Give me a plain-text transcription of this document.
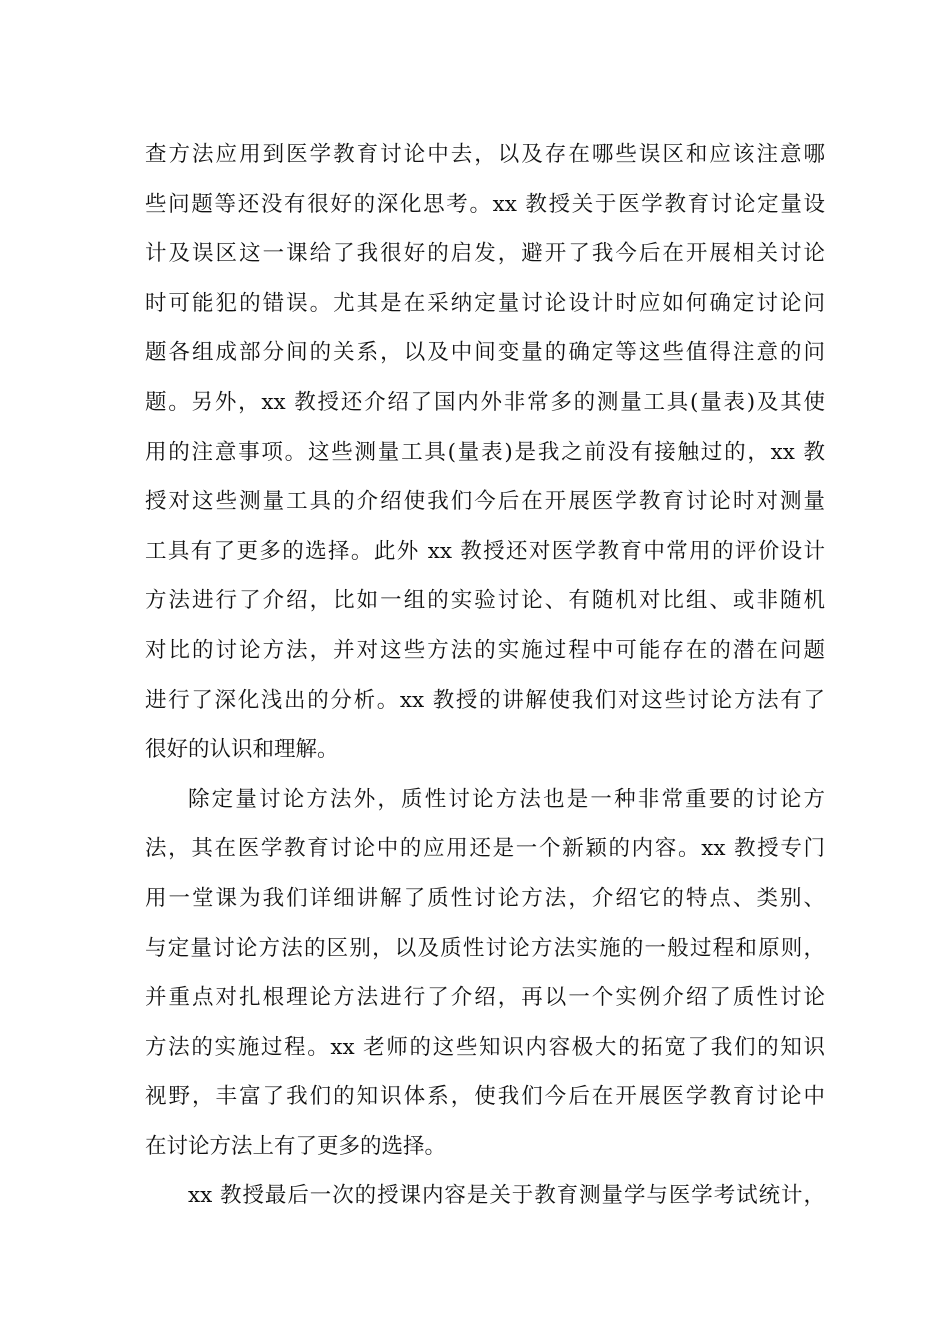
查方法应用到医学教育讨论中去，以及存在哪些误区和应该注意哪
些问题等还没有很好的深化思考。xx 教授关于医学教育讨论定量设
计及误区这一课给了我很好的启发，避开了我今后在开展相关讨论
时可能犯的错误。尤其是在采纳定量讨论设计时应如何确定讨论问
题各组成部分间的关系，以及中间变量的确定等这些值得注意的问
题。另外，xx 教授还介绍了国内外非常多的测量工具(量表)及其使
用的注意事项。这些测量工具(量表)是我之前没有接触过的，xx 教
授对这些测量工具的介绍使我们今后在开展医学教育讨论时对测量
工具有了更多的选择。此外 xx 教授还对医学教育中常用的评价设计
方法进行了介绍，比如一组的实验讨论、有随机对比组、或非随机
对比的讨论方法，并对这些方法的实施过程中可能存在的潜在问题
进行了深化浅出的分析。xx 教授的讲解使我们对这些讨论方法有了
很好的认识和理解。
除定量讨论方法外，质性讨论方法也是一种非常重要的讨论方
法，其在医学教育讨论中的应用还是一个新颖的内容。xx 教授专门
用一堂课为我们详细讲解了质性讨论方法，介绍它的特点、类别、
与定量讨论方法的区别，以及质性讨论方法实施的一般过程和原则，
并重点对扎根理论方法进行了介绍，再以一个实例介绍了质性讨论
方法的实施过程。xx 老师的这些知识内容极大的拓宽了我们的知识
视野，丰富了我们的知识体系，使我们今后在开展医学教育讨论中
在讨论方法上有了更多的选择。
xx 教授最后一次的授课内容是关于教育测量学与医学考试统计，
